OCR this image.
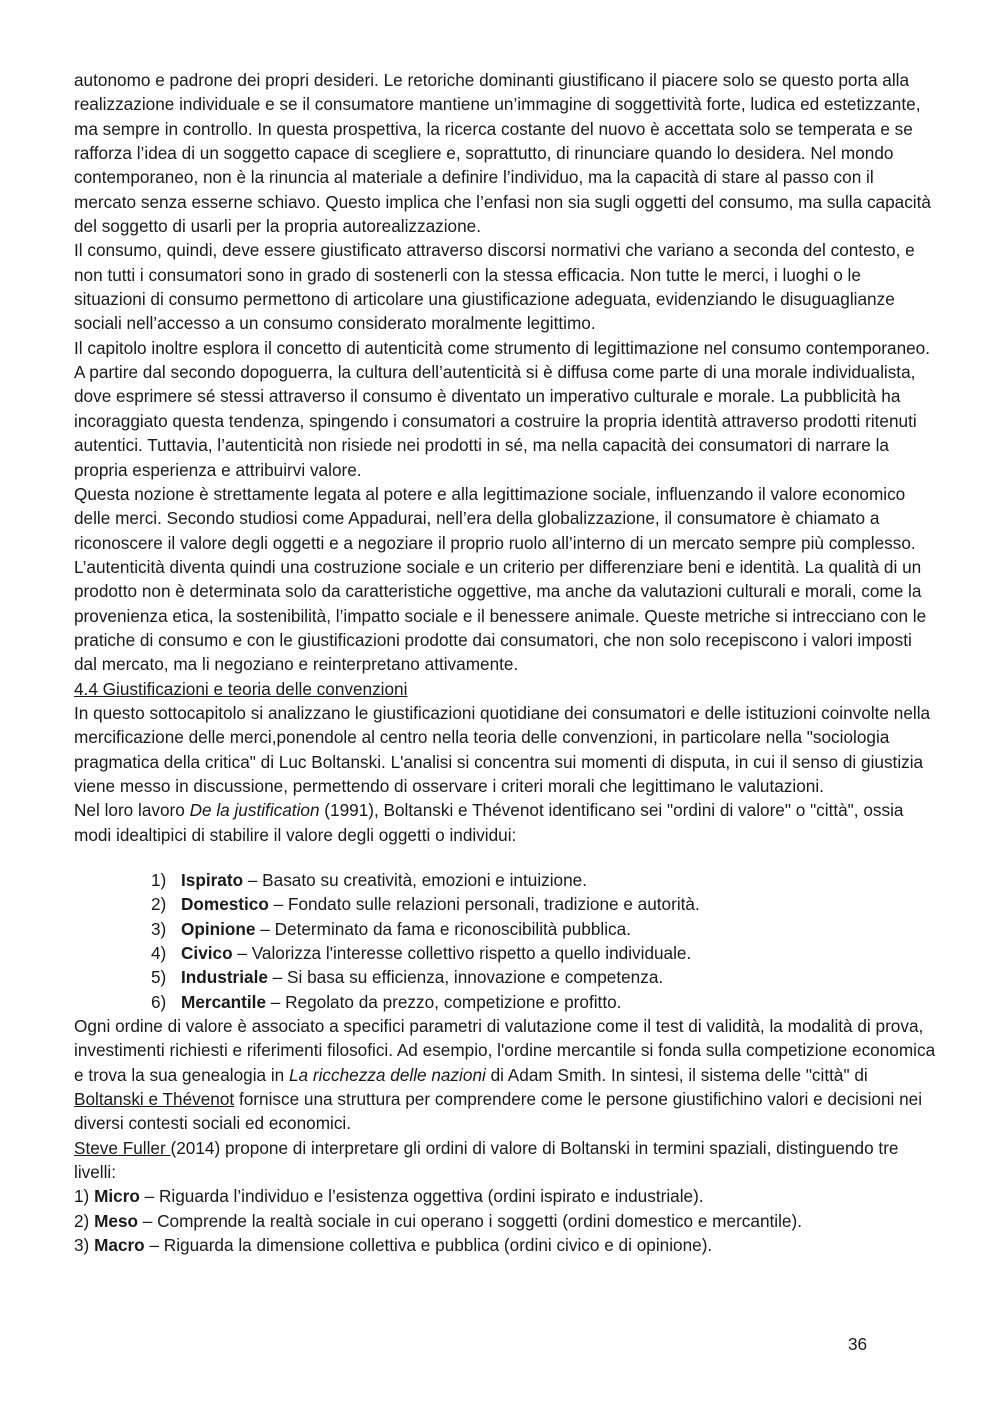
autonomo e padrone dei propri desideri. Le retoriche dominanti giustificano il piacere solo se questo porta alla realizzazione individuale e se il consumatore mantiene un’immagine di soggettività forte, ludica ed estetizzante, ma sempre in controllo. In questa prospettiva, la ricerca costante del nuovo è accettata solo se temperata e se rafforza l’idea di un soggetto capace di scegliere e, soprattutto, di rinunciare quando lo desidera. Nel mondo contemporaneo, non è la rinuncia al materiale a definire l’individuo, ma la capacità di stare al passo con il mercato senza esserne schiavo. Questo implica che l’enfasi non sia sugli oggetti del consumo, ma sulla capacità del soggetto di usarli per la propria autorealizzazione.

Il consumo, quindi, deve essere giustificato attraverso discorsi normativi che variano a seconda del contesto, e non tutti i consumatori sono in grado di sostenerli con la stessa efficacia. Non tutte le merci, i luoghi o le situazioni di consumo permettono di articolare una giustificazione adeguata, evidenziando le disuguaglianze sociali nell’accesso a un consumo considerato moralmente legittimo.

Il capitolo inoltre esplora il concetto di autenticità come strumento di legittimazione nel consumo contemporaneo. A partire dal secondo dopoguerra, la cultura dell’autenticità si è diffusa come parte di una morale individualista, dove esprimere sé stessi attraverso il consumo è diventato un imperativo culturale e morale. La pubblicità ha incoraggiato questa tendenza, spingendo i consumatori a costruire la propria identità attraverso prodotti ritenuti autentici. Tuttavia, l’autenticità non risiede nei prodotti in sé, ma nella capacità dei consumatori di narrare la propria esperienza e attribuirvi valore.

Questa nozione è strettamente legata al potere e alla legittimazione sociale, influenzando il valore economico delle merci. Secondo studiosi come Appadurai, nell’era della globalizzazione, il consumatore è chiamato a riconoscere il valore degli oggetti e a negoziare il proprio ruolo all’interno di un mercato sempre più complesso. L’autenticità diventa quindi una costruzione sociale e un criterio per differenziare beni e identità. La qualità di un prodotto non è determinata solo da caratteristiche oggettive, ma anche da valutazioni culturali e morali, come la provenienza etica, la sostenibilità, l’impatto sociale e il benessere animale. Queste metriche si intrecciano con le pratiche di consumo e con le giustificazioni prodotte dai consumatori, che non solo recepiscono i valori imposti dal mercato, ma li negoziano e reinterpretano attivamente.

4.4 Giustificazioni e teoria delle convenzioni

In questo sottocapitolo si analizzano le giustificazioni quotidiane dei consumatori e delle istituzioni coinvolte nella mercificazione delle merci,ponendole al centro nella teoria delle convenzioni, in particolare nella "sociologia pragmatica della critica" di Luc Boltanski. L'analisi si concentra sui momenti di disputa, in cui il senso di giustizia viene messo in discussione, permettendo di osservare i criteri morali che legittimano le valutazioni.

Nel loro lavoro De la justification (1991), Boltanski e Thévenot identificano sei "ordini di valore" o "città", ossia modi idealtipici di stabilire il valore degli oggetti o individui:

1) Ispirato – Basato su creatività, emozioni e intuizione.
2) Domestico – Fondato sulle relazioni personali, tradizione e autorità.
3) Opinione – Determinato da fama e riconoscibilità pubblica.
4) Civico – Valorizza l'interesse collettivo rispetto a quello individuale.
5) Industriale – Si basa su efficienza, innovazione e competenza.
6) Mercantile – Regolato da prezzo, competizione e profitto.

Ogni ordine di valore è associato a specifici parametri di valutazione come il test di validità, la modalità di prova, investimenti richiesti e riferimenti filosofici. Ad esempio, l'ordine mercantile si fonda sulla competizione economica e trova la sua genealogia in La ricchezza delle nazioni di Adam Smith. In sintesi, il sistema delle "città" di Boltanski e Thévenot fornisce una struttura per comprendere come le persone giustifichino valori e decisioni nei diversi contesti sociali ed economici.

Steve Fuller (2014) propone di interpretare gli ordini di valore di Boltanski in termini spaziali, distinguendo tre livelli:

1) Micro – Riguarda l’individuo e l’esistenza oggettiva (ordini ispirato e industriale).

2) Meso – Comprende la realtà sociale in cui operano i soggetti (ordini domestico e mercantile).

3) Macro – Riguarda la dimensione collettiva e pubblica (ordini civico e di opinione).

36
